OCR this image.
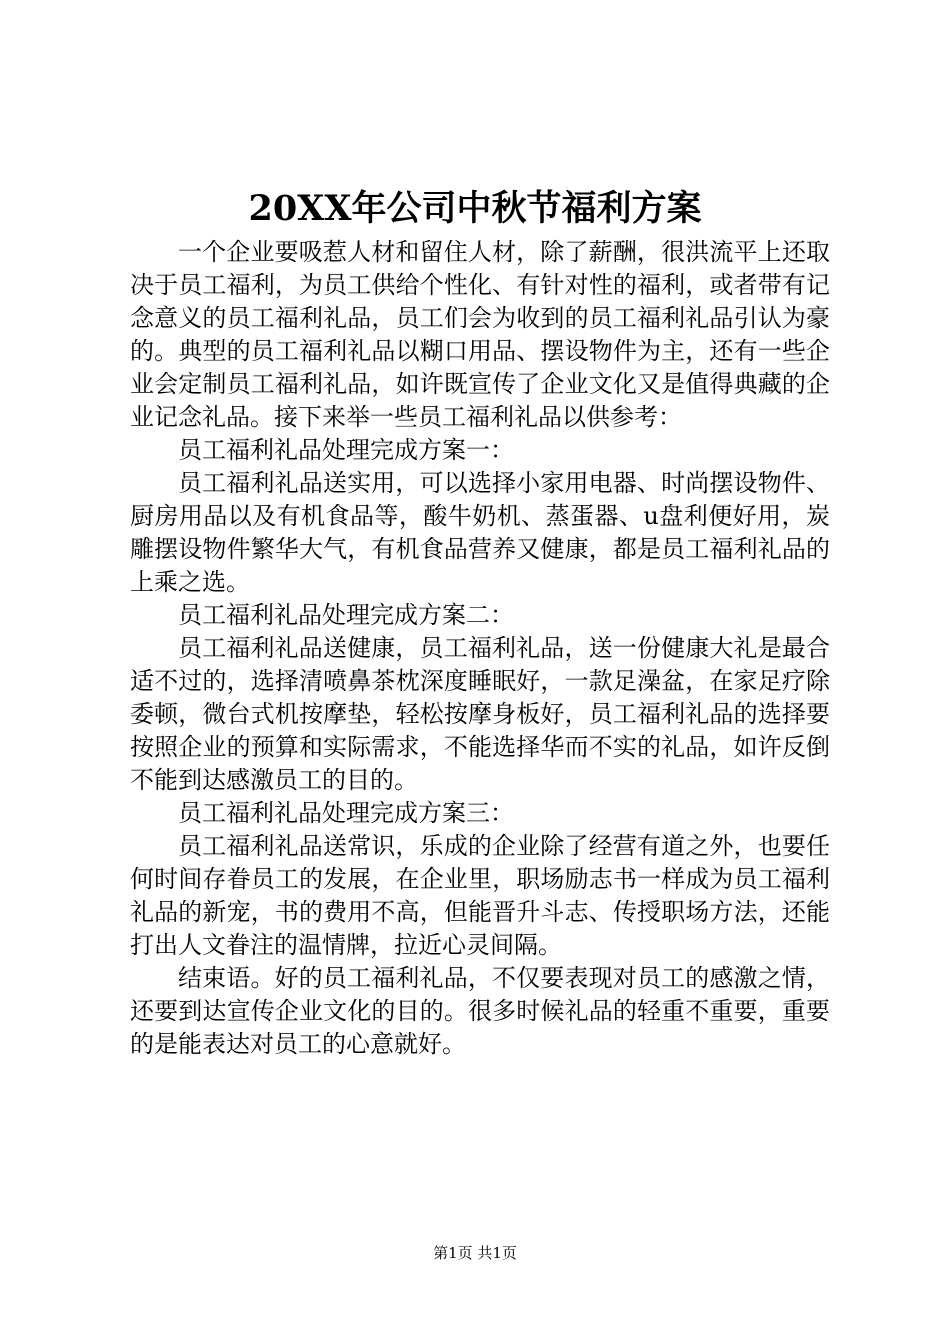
20XX年公司中秋节福利方案

一个企业要吸惹人材和留住人材，除了薪酬，很洪流平上还取决于员工福利，为员工供给个性化、有针对性的福利，或者带有记念意义的员工福利礼品，员工们会为收到的员工福利礼品引认为豪的。典型的员工福利礼品以糊口用品、摆设物件为主，还有一些企业会定制员工福利礼品，如许既宣传了企业文化又是值得典藏的企业记念礼品。接下来举一些员工福利礼品以供参考：

员工福利礼品处理完成方案一：

员工福利礼品送实用，可以选择小家用电器、时尚摆设物件、厨房用品以及有机食品等，酸牛奶机、蒸蛋器、u盘利便好用，炭雕摆设物件繁华大气，有机食品营养又健康，都是员工福利礼品的上乘之选。

员工福利礼品处理完成方案二：

员工福利礼品送健康，员工福利礼品，送一份健康大礼是最合适不过的，选择清喷鼻茶枕深度睡眠好，一款足澡盆，在家足疗除委顿，微台式机按摩垫，轻松按摩身板好，员工福利礼品的选择要按照企业的预算和实际需求，不能选择华而不实的礼品，如许反倒不能到达感激员工的目的。

员工福利礼品处理完成方案三：

员工福利礼品送常识，乐成的企业除了经营有道之外，也要任何时间存眷员工的发展，在企业里，职场励志书一样成为员工福利礼品的新宠，书的费用不高，但能晋升斗志、传授职场方法，还能打出人文眷注的温情牌，拉近心灵间隔。

结束语。好的员工福利礼品，不仅要表现对员工的感激之情，还要到达宣传企业文化的目的。很多时候礼品的轻重不重要，重要的是能表达对员工的心意就好。

第1页 共1页
